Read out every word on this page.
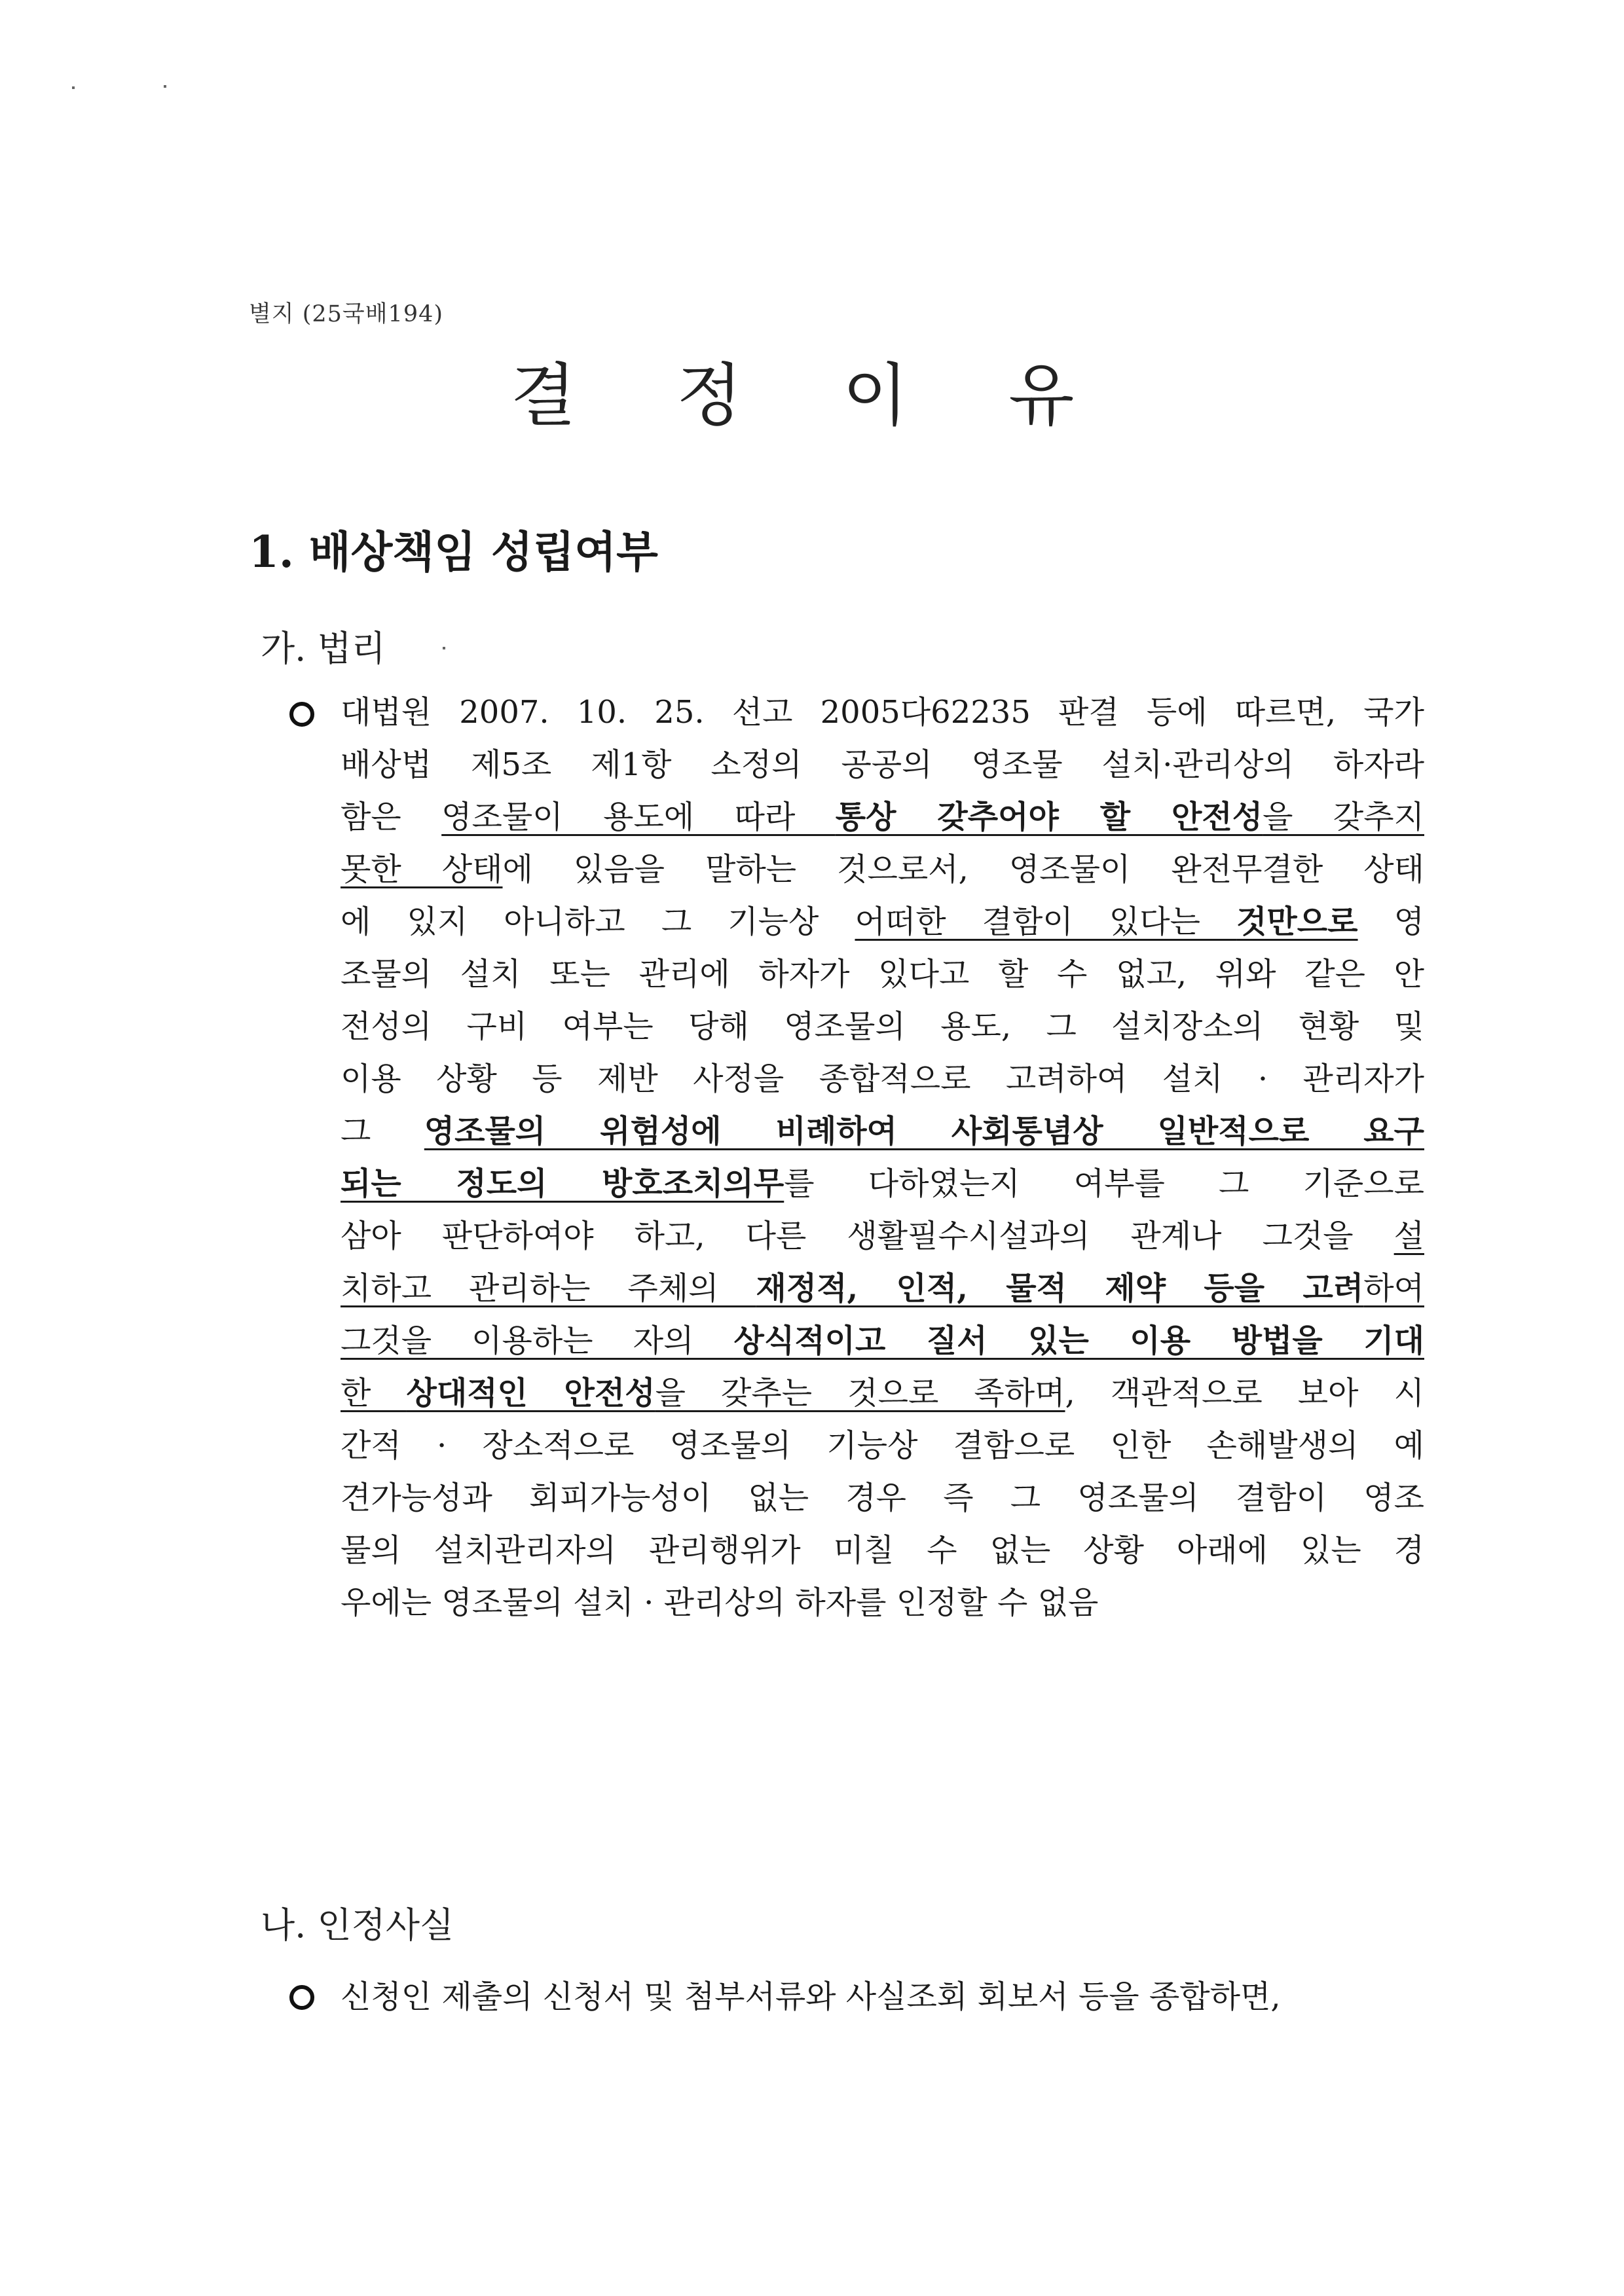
별지 (25국배194)
결 정 이 유
1. 배상책임 성립여부
가. 법리
대법원 2007. 10. 25. 선고 2005다62235 판결 등에 따르면, 국가
배상법 제5조 제1항 소정의 공공의 영조물 설치·관리상의 하자라
함은 영조물이 용도에 따라 통상 갖추어야 할 안전성을 갖추지
못한 상태에 있음을 말하는 것으로서, 영조물이 완전무결한 상태
에 있지 아니하고 그 기능상 어떠한 결함이 있다는 것만으로 영
조물의 설치 또는 관리에 하자가 있다고 할 수 없고, 위와 같은 안
전성의 구비 여부는 당해 영조물의 용도, 그 설치장소의 현황 및
이용 상황 등 제반 사정을 종합적으로 고려하여 설치 · 관리자가
그 영조물의 위험성에 비례하여 사회통념상 일반적으로 요구
되는 정도의 방호조치의무를 다하였는지 여부를 그 기준으로
삼아 판단하여야 하고, 다른 생활필수시설과의 관계나 그것을 설
치하고 관리하는 주체의 재정적, 인적, 물적 제약 등을 고려하여
그것을 이용하는 자의 상식적이고 질서 있는 이용 방법을 기대
한 상대적인 안전성을 갖추는 것으로 족하며, 객관적으로 보아 시
간적 · 장소적으로 영조물의 기능상 결함으로 인한 손해발생의 예
견가능성과 회피가능성이 없는 경우 즉 그 영조물의 결함이 영조
물의 설치관리자의 관리행위가 미칠 수 없는 상황 아래에 있는 경
우에는 영조물의 설치 · 관리상의 하자를 인정할 수 없음
나. 인정사실
신청인 제출의 신청서 및 첨부서류와 사실조회 회보서 등을 종합하면,
